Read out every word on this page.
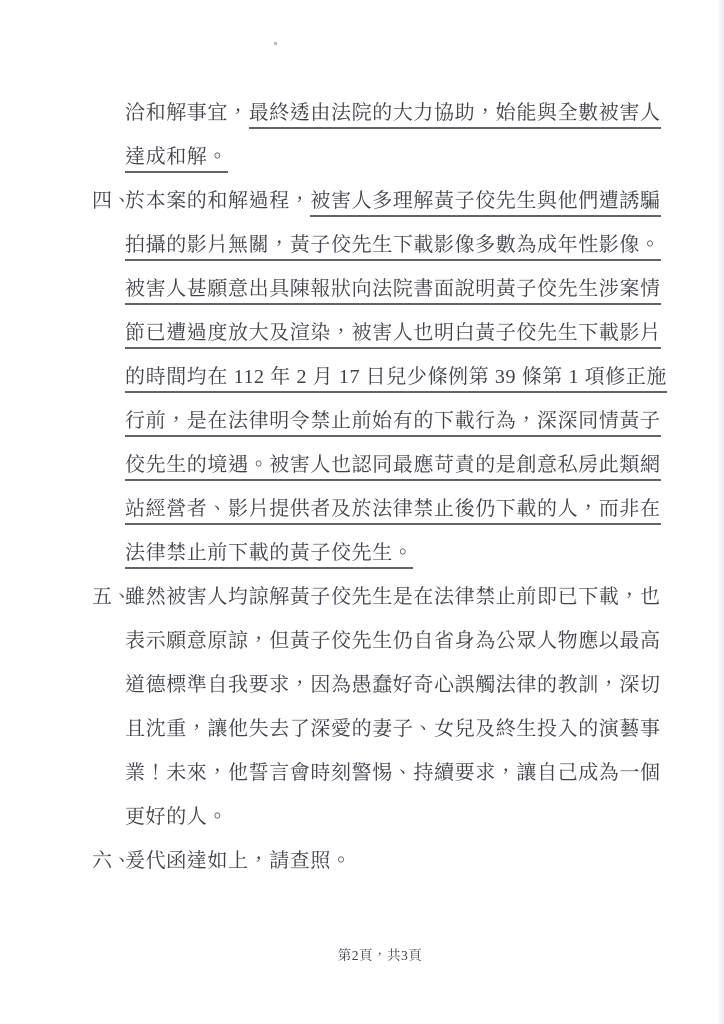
洽和解事宜，最終透由法院的大力協助，始能與全數被害人
達成和解。
四、於本案的和解過程，被害人多理解黃子佼先生與他們遭誘騙
拍攝的影片無關，黃子佼先生下載影像多數為成年性影像。
被害人甚願意出具陳報狀向法院書面說明黃子佼先生涉案情
節已遭過度放大及渲染，被害人也明白黃子佼先生下載影片
的時間均在 112 年 2 月 17 日兒少條例第 39 條第 1 項修正施
行前，是在法律明令禁止前始有的下載行為，深深同情黃子
佼先生的境遇。被害人也認同最應苛責的是創意私房此類網
站經營者、影片提供者及於法律禁止後仍下載的人，而非在
法律禁止前下載的黃子佼先生。
五、雖然被害人均諒解黃子佼先生是在法律禁止前即已下載，也
表示願意原諒，但黃子佼先生仍自省身為公眾人物應以最高
道德標準自我要求，因為愚蠢好奇心誤觸法律的教訓，深切
且沈重，讓他失去了深愛的妻子、女兒及終生投入的演藝事
業！未來，他誓言會時刻警惕、持續要求，讓自己成為一個
更好的人。
六、爰代函達如上，請查照。
第2頁，共3頁
